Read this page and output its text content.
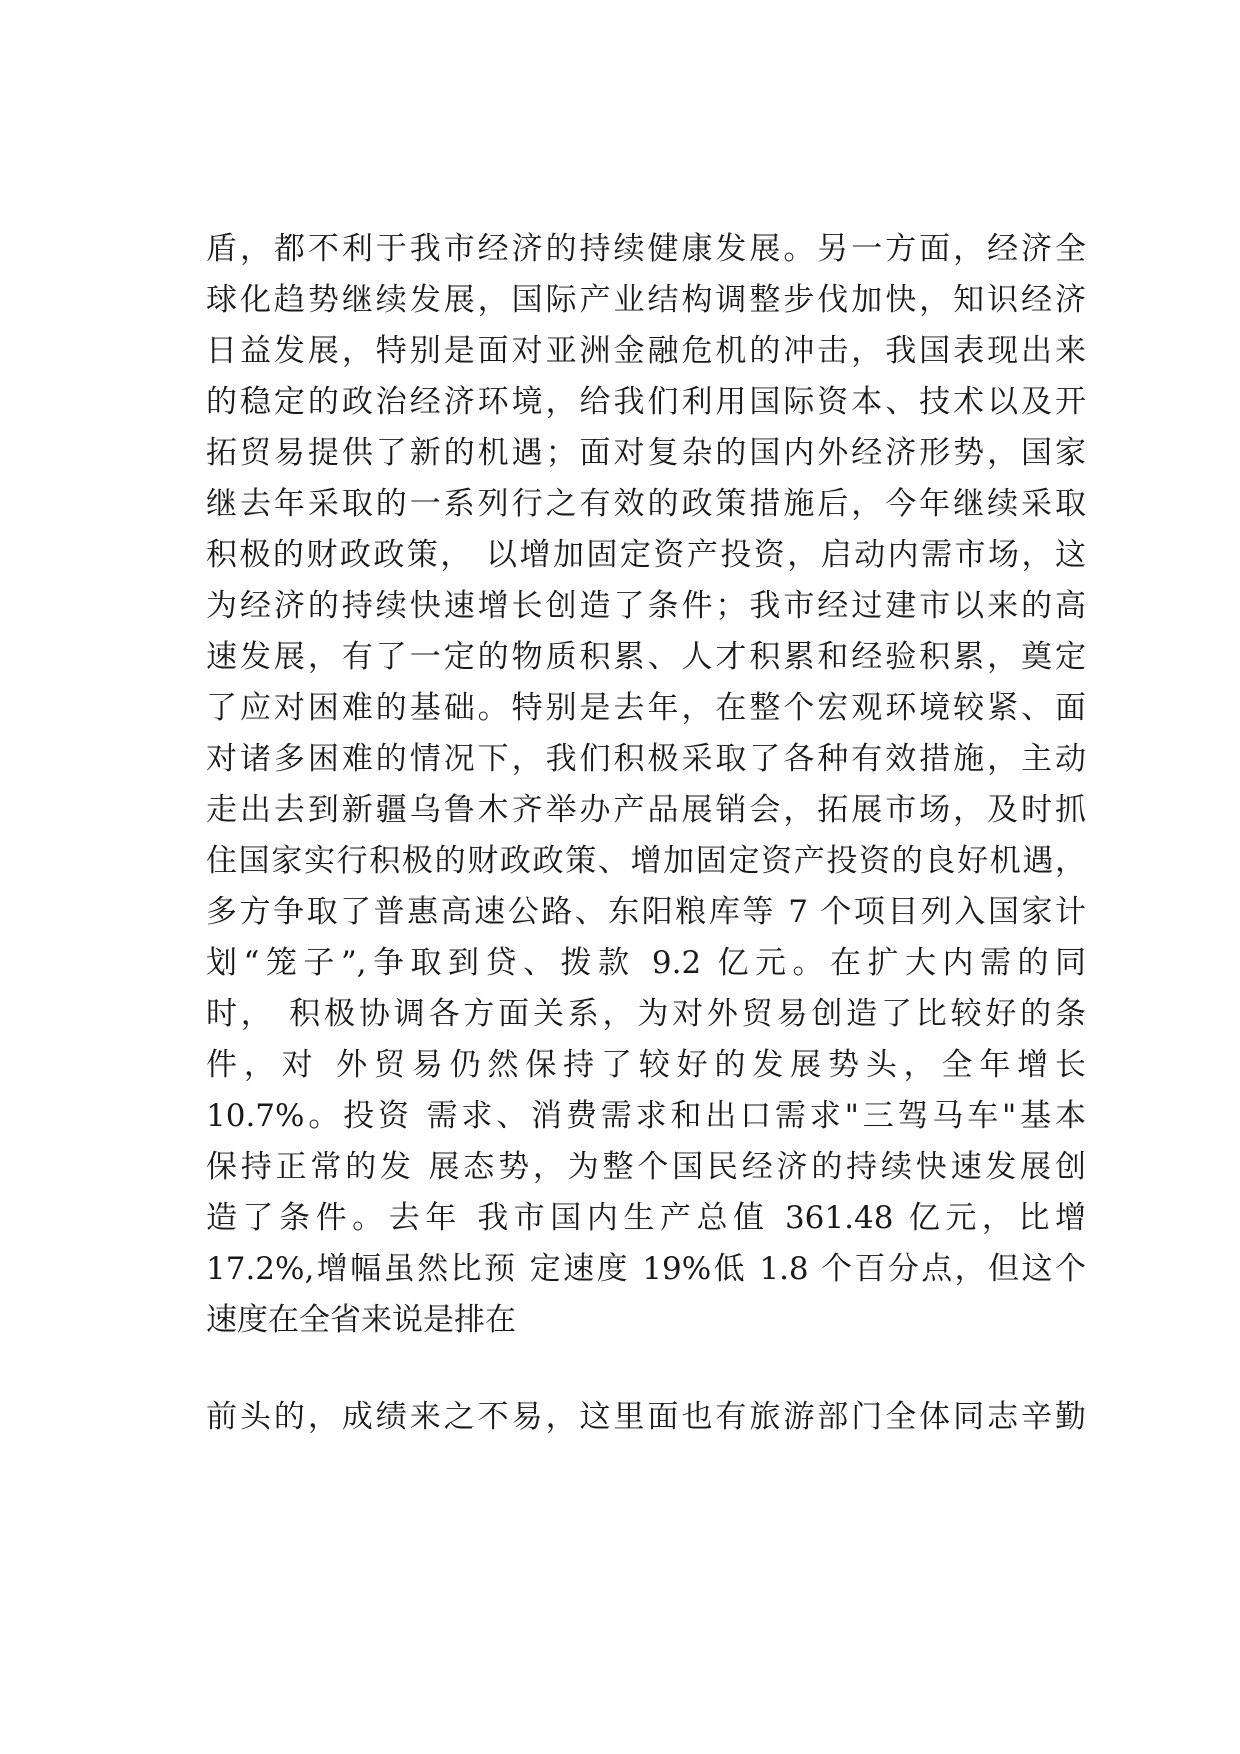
盾，都不利于我市经济的持续健康发展。另一方面，经济全
球化趋势继续发展，国际产业结构调整步伐加快，知识经济
日益发展，特别是面对亚洲金融危机的冲击，我国表现出来
的稳定的政治经济环境，给我们利用国际资本、技术以及开
拓贸易提供了新的机遇；面对复杂的国内外经济形势，国家
继去年采取的一系列行之有效的政策措施后，今年继续采取
积极的财政政策， 以增加固定资产投资，启动内需市场，这
为经济的持续快速增长创造了条件；我市经过建市以来的高
速发展，有了一定的物质积累、人才积累和经验积累，奠定
了应对困难的基础。特别是去年，在整个宏观环境较紧、面
对诸多困难的情况下，我们积极采取了各种有效措施，主动
走出去到新疆乌鲁木齐举办产品展销会，拓展市场，及时抓
住国家实行积极的财政政策、增加固定资产投资的良好机遇，
多方争取了普惠高速公路、东阳粮库等 7 个项目列入国家计
划“笼子”,争取到贷、拨款 9.2 亿元。在扩大内需的同
时， 积极协调各方面关系，为对外贸易创造了比较好的条
件，对 外贸易仍然保持了较好的发展势头，全年增长
10.7%。投资 需求、消费需求和出口需求"三驾马车"基本
保持正常的发 展态势，为整个国民经济的持续快速发展创
造了条件。去年 我市国内生产总值 361.48 亿元，比增
17.2%,增幅虽然比预 定速度 19%低 1.8 个百分点，但这个
速度在全省来说是排在
前头的，成绩来之不易，这里面也有旅游部门全体同志辛勤
